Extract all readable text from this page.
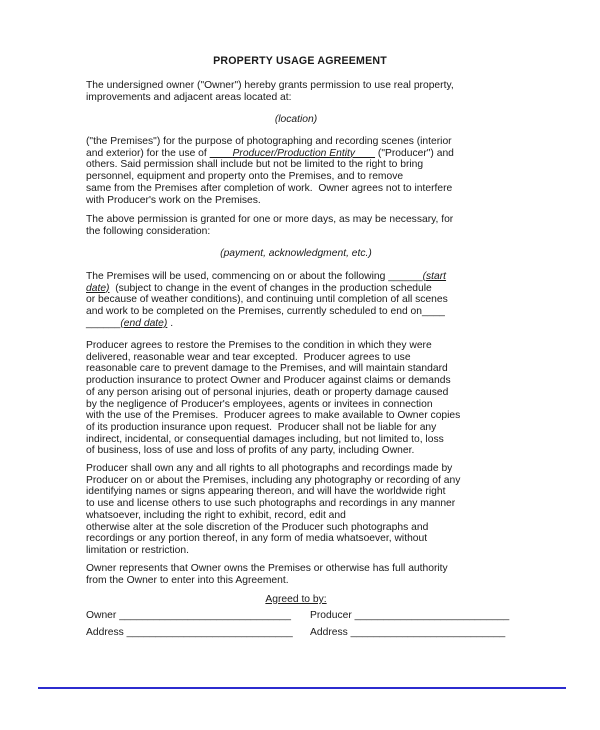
PROPERTY USAGE AGREEMENT
The undersigned owner ("Owner") hereby grants permission to use real property,
improvements and adjacent areas located at:
(location)
("the Premises") for the purpose of photographing and recording scenes (interior
and exterior) for the use of         Producer/Production Entity        ("Producer") and
others. Said permission shall include but not be limited to the right to bring
personnel, equipment and property onto the Premises, and to remove
same from the Premises after completion of work.  Owner agrees not to interfere
with Producer's work on the Premises.
The above permission is granted for one or more days, as may be necessary, for
the following consideration:
(payment, acknowledgment, etc.)
The Premises will be used, commencing on or about the following ______(start
date)  (subject to change in the event of changes in the production schedule
or because of weather conditions), and continuing until completion of all scenes
and work to be completed on the Premises, currently scheduled to end on____
______(end date) .
Producer agrees to restore the Premises to the condition in which they were
delivered, reasonable wear and tear excepted.  Producer agrees to use
reasonable care to prevent damage to the Premises, and will maintain standard
production insurance to protect Owner and Producer against claims or demands
of any person arising out of personal injuries, death or property damage caused
by the negligence of Producer's employees, agents or invitees in connection
with the use of the Premises.  Producer agrees to make available to Owner copies
of its production insurance upon request.  Producer shall not be liable for any
indirect, incidental, or consequential damages including, but not limited to, loss
of business, loss of use and loss of profits of any party, including Owner.
Producer shall own any and all rights to all photographs and recordings made by
Producer on or about the Premises, including any photography or recording of any
identifying names or signs appearing thereon, and will have the worldwide right
to use and license others to use such photographs and recordings in any manner
whatsoever, including the right to exhibit, record, edit and
otherwise alter at the sole discretion of the Producer such photographs and
recordings or any portion thereof, in any form of media whatsoever, without
limitation or restriction.
Owner represents that Owner owns the Premises or otherwise has full authority
from the Owner to enter into this Agreement.
Agreed to by:
Owner ______________________________ Producer ___________________________
Address _____________________________ Address ___________________________
